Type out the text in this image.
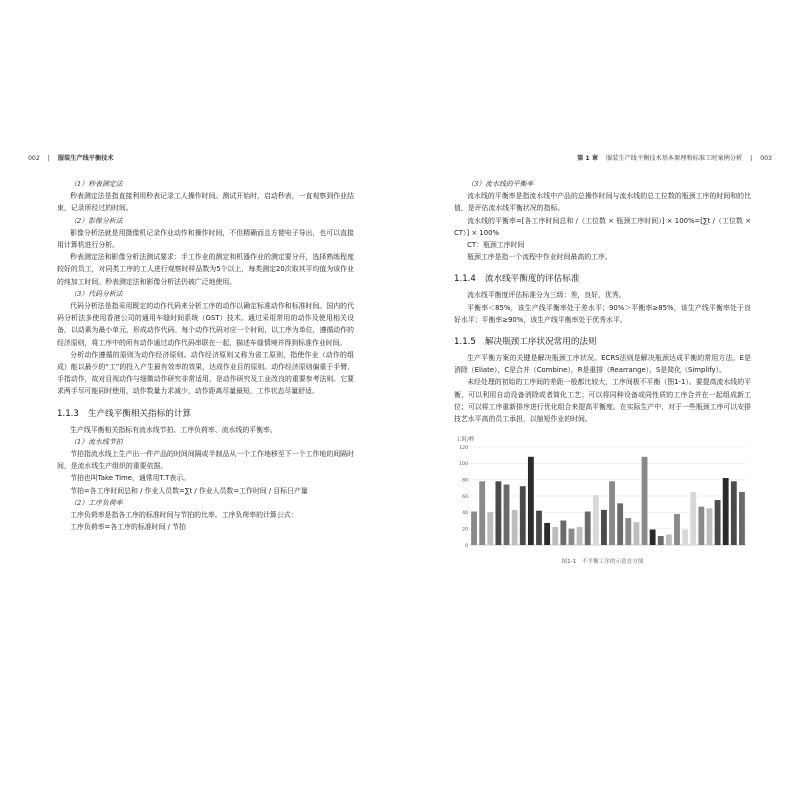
002 | 服装生产线平衡技术	第 1 章 服装生产线平衡技术基本原理和标准工时案例分析 | 003
（1）秒表测定法

秒表测定法是指直接利用秒表记录工人操作时间。测试开始时，启动秒表，一直观察到作业结束，记录所经过的时间。

（2）影像分析法

影像分析法就是用摄像机记录作业动作和操作时间，不但精确而且方便电子导出，也可以直接用计算机进行分析。

秒表测定法和影像分析法测试要求：手工作业的测定和机器作业的测定要分开，选择熟练程度较好的员工，对同类工序的工人进行观察时样品数为5个以上，每类测定20次取其平均值为该作业的纯加工时间。秒表测定法和影像分析法仍被广泛地使用。

（3）代码分析法

代码分析法是指采用既定的动作代码来分析工序的动作以确定标准动作和标准时间。国内的代码分析法多使用香港公司的通用车缝时间系统（GST）技术。通过采用常用的动作及使用相关设备，以动素为最小单元，形成动作代码。每个动作代码对应一个时间，以工序为单位，遵循动作的经济原则，将工序中的所有动作通过动作代码串联在一起，描述车缝情境并得到标准作业时间。

分析动作遵循的原则为动作经济原则。动作经济原则又称为省工原则，指使作业（动作的组成）能以最少的“工”的投入产生最有效率的效果，达成作业目的原则。动作经济原则偏重于手臂、手指动作，故对目视动作与细微动作研究非常适用，是动作研究及工业改良的重要参考法则。它要求两手尽可能同时使用，动作数量力求减少，动作距离尽量最短，工作状态尽量舒适。

1.1.3 生产线平衡相关指标的计算

生产线平衡相关指标有流水线节拍、工序负荷率、流水线的平衡率。

（1）流水线节拍

节拍指流水线上生产出一件产品的时间间隔或半制品从一个工作地移至下一个工作地的间隔时间，是流水线生产组织的重要依据。

节拍也叫Take Time，通常用T.T表示。

节拍=各工序时间总和 / 作业人员数=∑t / 作业人员数=工作时间 / 目标日产量

（2）工序负荷率

工序负荷率是指各工序的标准时间与节拍的比率。工序负荷率的计算公式：

工序负荷率=各工序的标准时间 / 节拍

（3）流水线的平衡率

流水线的平衡率是指流水线中产品的总操作时间与流水线的总工位数的瓶颈工序的时间和的比值，是评估流水线平衡状况的指标。

流水线的平衡率=[各工序时间总和 /（工位数 × 瓶颈工序时间）] × 100%=[∑t /（工位数 × CT）] × 100%

CT：瓶颈工序时间

瓶颈工序是指一个流程中作业时间最高的工序。

1.1.4 流水线平衡度的评估标准

流水线平衡度评估标准分为三级：差，良好，优秀。

平衡率＜85%，该生产线平衡率处于差水平；90%＞平衡率≥85%，该生产线平衡率处于良好水平；平衡率≥90%，该生产线平衡率处于优秀水平。

1.1.5 解决瓶颈工序状况常用的法则

生产平衡方案的关键是解决瓶颈工序状况。ECRS法则是解决瓶颈达成平衡的常用方法。E是消除（Eliate），C是合并（Combine），R是重排（Rearrange），S是简化（Simplify）。

未经处理的初始的工序间的差距一般都比较大，工序间极不平衡（图1-1）。要提高流水线的平衡，可以利用自动设备消除或者简化工艺；可以将同种设备或同性质的工序合并在一起组成新工位；可以将工序重新排序进行优化组合来提高平衡度。在实际生产中，对于一些瓶颈工序可以安排技艺水平高的员工承担，以缩短作业的时间。

工时/秒
0
20
40
60
80
100
120
图1-1　不平衡工序的示意直方图
